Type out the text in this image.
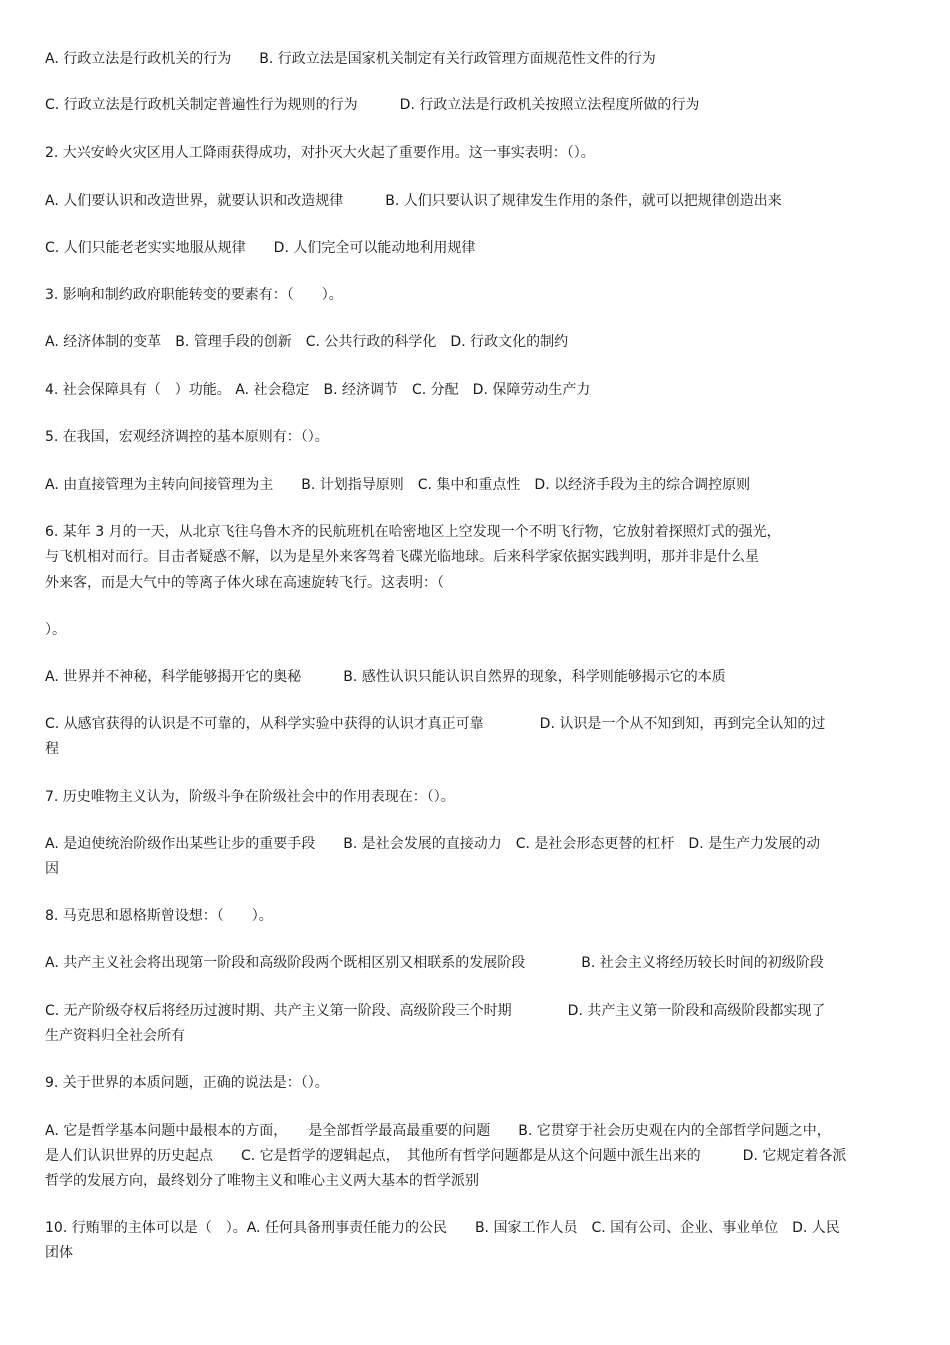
A. 行政立法是行政机关的行为　　B. 行政立法是国家机关制定有关行政管理方面规范性文件的行为
C. 行政立法是行政机关制定普遍性行为规则的行为　　　D. 行政立法是行政机关按照立法程度所做的行为
2. 大兴安岭火灾区用人工降雨获得成功，对扑灭大火起了重要作用。这一事实表明：（）。
A. 人们要认识和改造世界，就要认识和改造规律　　　B. 人们只要认识了规律发生作用的条件，就可以把规律创造出来
C. 人们只能老老实实地服从规律　　D. 人们完全可以能动地利用规律
3. 影响和制约政府职能转变的要素有：（　　）。
A. 经济体制的变革　B. 管理手段的创新　C. 公共行政的科学化　D. 行政文化的制约
4. 社会保障具有（　）功能。 A. 社会稳定　B. 经济调节　C. 分配　D. 保障劳动生产力
5. 在我国，宏观经济调控的基本原则有：（）。
A. 由直接管理为主转向间接管理为主　　B. 计划指导原则　C. 集中和重点性　D. 以经济手段为主的综合调控原则
6. 某年 3 月的一天，从北京飞往乌鲁木齐的民航班机在哈密地区上空发现一个不明飞行物，它放射着探照灯式的强光，
与飞机相对而行。目击者疑惑不解，以为是星外来客驾着飞碟光临地球。后来科学家依据实践判明，那并非是什么星
外来客，而是大气中的等离子体火球在高速旋转飞行。这表明：（
）。
A. 世界并不神秘，科学能够揭开它的奥秘　　　B. 感性认识只能认识自然界的现象，科学则能够揭示它的本质
C. 从感官获得的认识是不可靠的，从科学实验中获得的认识才真正可靠　　　　D. 认识是一个从不知到知，再到完全认知的过
程
7. 历史唯物主义认为，阶级斗争在阶级社会中的作用表现在：（）。
A. 是迫使统治阶级作出某些让步的重要手段　　B. 是社会发展的直接动力　C. 是社会形态更替的杠杆　D. 是生产力发展的动
因
8. 马克思和恩格斯曾设想：（　　）。
A. 共产主义社会将出现第一阶段和高级阶段两个既相区别又相联系的发展阶段　　　　B. 社会主义将经历较长时间的初级阶段
C. 无产阶级夺权后将经历过渡时期、共产主义第一阶段、高级阶段三个时期　　　　D. 共产主义第一阶段和高级阶段都实现了
生产资料归全社会所有
9. 关于世界的本质问题，正确的说法是：（）。
A. 它是哲学基本问题中最根本的方面，　　是全部哲学最高最重要的问题　　B. 它贯穿于社会历史观在内的全部哲学问题之中，
是人们认识世界的历史起点　　C. 它是哲学的逻辑起点，　其他所有哲学问题都是从这个问题中派生出来的　　　D. 它规定着各派
哲学的发展方向，最终划分了唯物主义和唯心主义两大基本的哲学派别
10. 行贿罪的主体可以是（　）。A. 任何具备刑事责任能力的公民　　B. 国家工作人员　C. 国有公司、企业、事业单位　D. 人民
团体
